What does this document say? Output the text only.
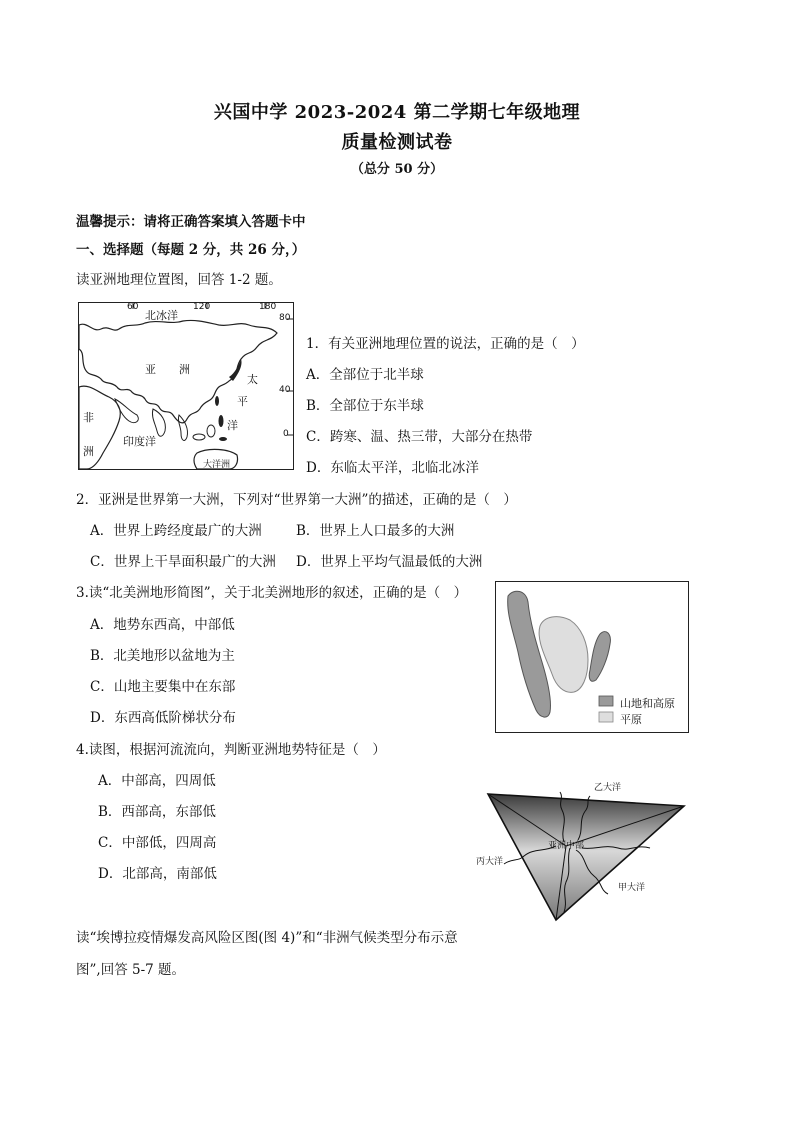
兴国中学 2023-2024 第二学期七年级地理
质量检测试卷
（总分 50 分）
温馨提示：请将正确答案填入答题卡中
一、选择题（每题 2 分，共 26 分，）
读亚洲地理位置图，回答 1-2 题。
北冰洋
60	120	180
80
40
0
亚 洲
太
平
洋
非
洲
印度洋
大洋洲
1．有关亚洲地理位置的说法，正确的是（　）
A．全部位于北半球
B．全部位于东半球
C．跨寒、温、热三带，大部分在热带
D．东临太平洋，北临北冰洋
2．亚洲是世界第一大洲，下列对“世界第一大洲”的描述，正确的是（　）
A．世界上跨经度最广的大洲	B．世界上人口最多的大洲
C．世界上干旱面积最广的大洲 D．世界上平均气温最低的大洲
3.读“北美洲地形简图”，关于北美洲地形的叙述，正确的是（　）
A．地势东西高，中部低
B．北美地形以盆地为主
C．山地主要集中在东部
D．东西高低阶梯状分布
山地和高原
平原
4.读图，根据河流流向，判断亚洲地势特征是（　）
A．中部高，四周低
B．西部高，东部低
C．中部低，四周高
D．北部高，南部低
乙大洋
丙大洋
甲大洋
亚洲中部
读“埃博拉疫情爆发高风险区图(图 4)”和“非洲气候类型分布示意
图”,回答 5-7 题。
